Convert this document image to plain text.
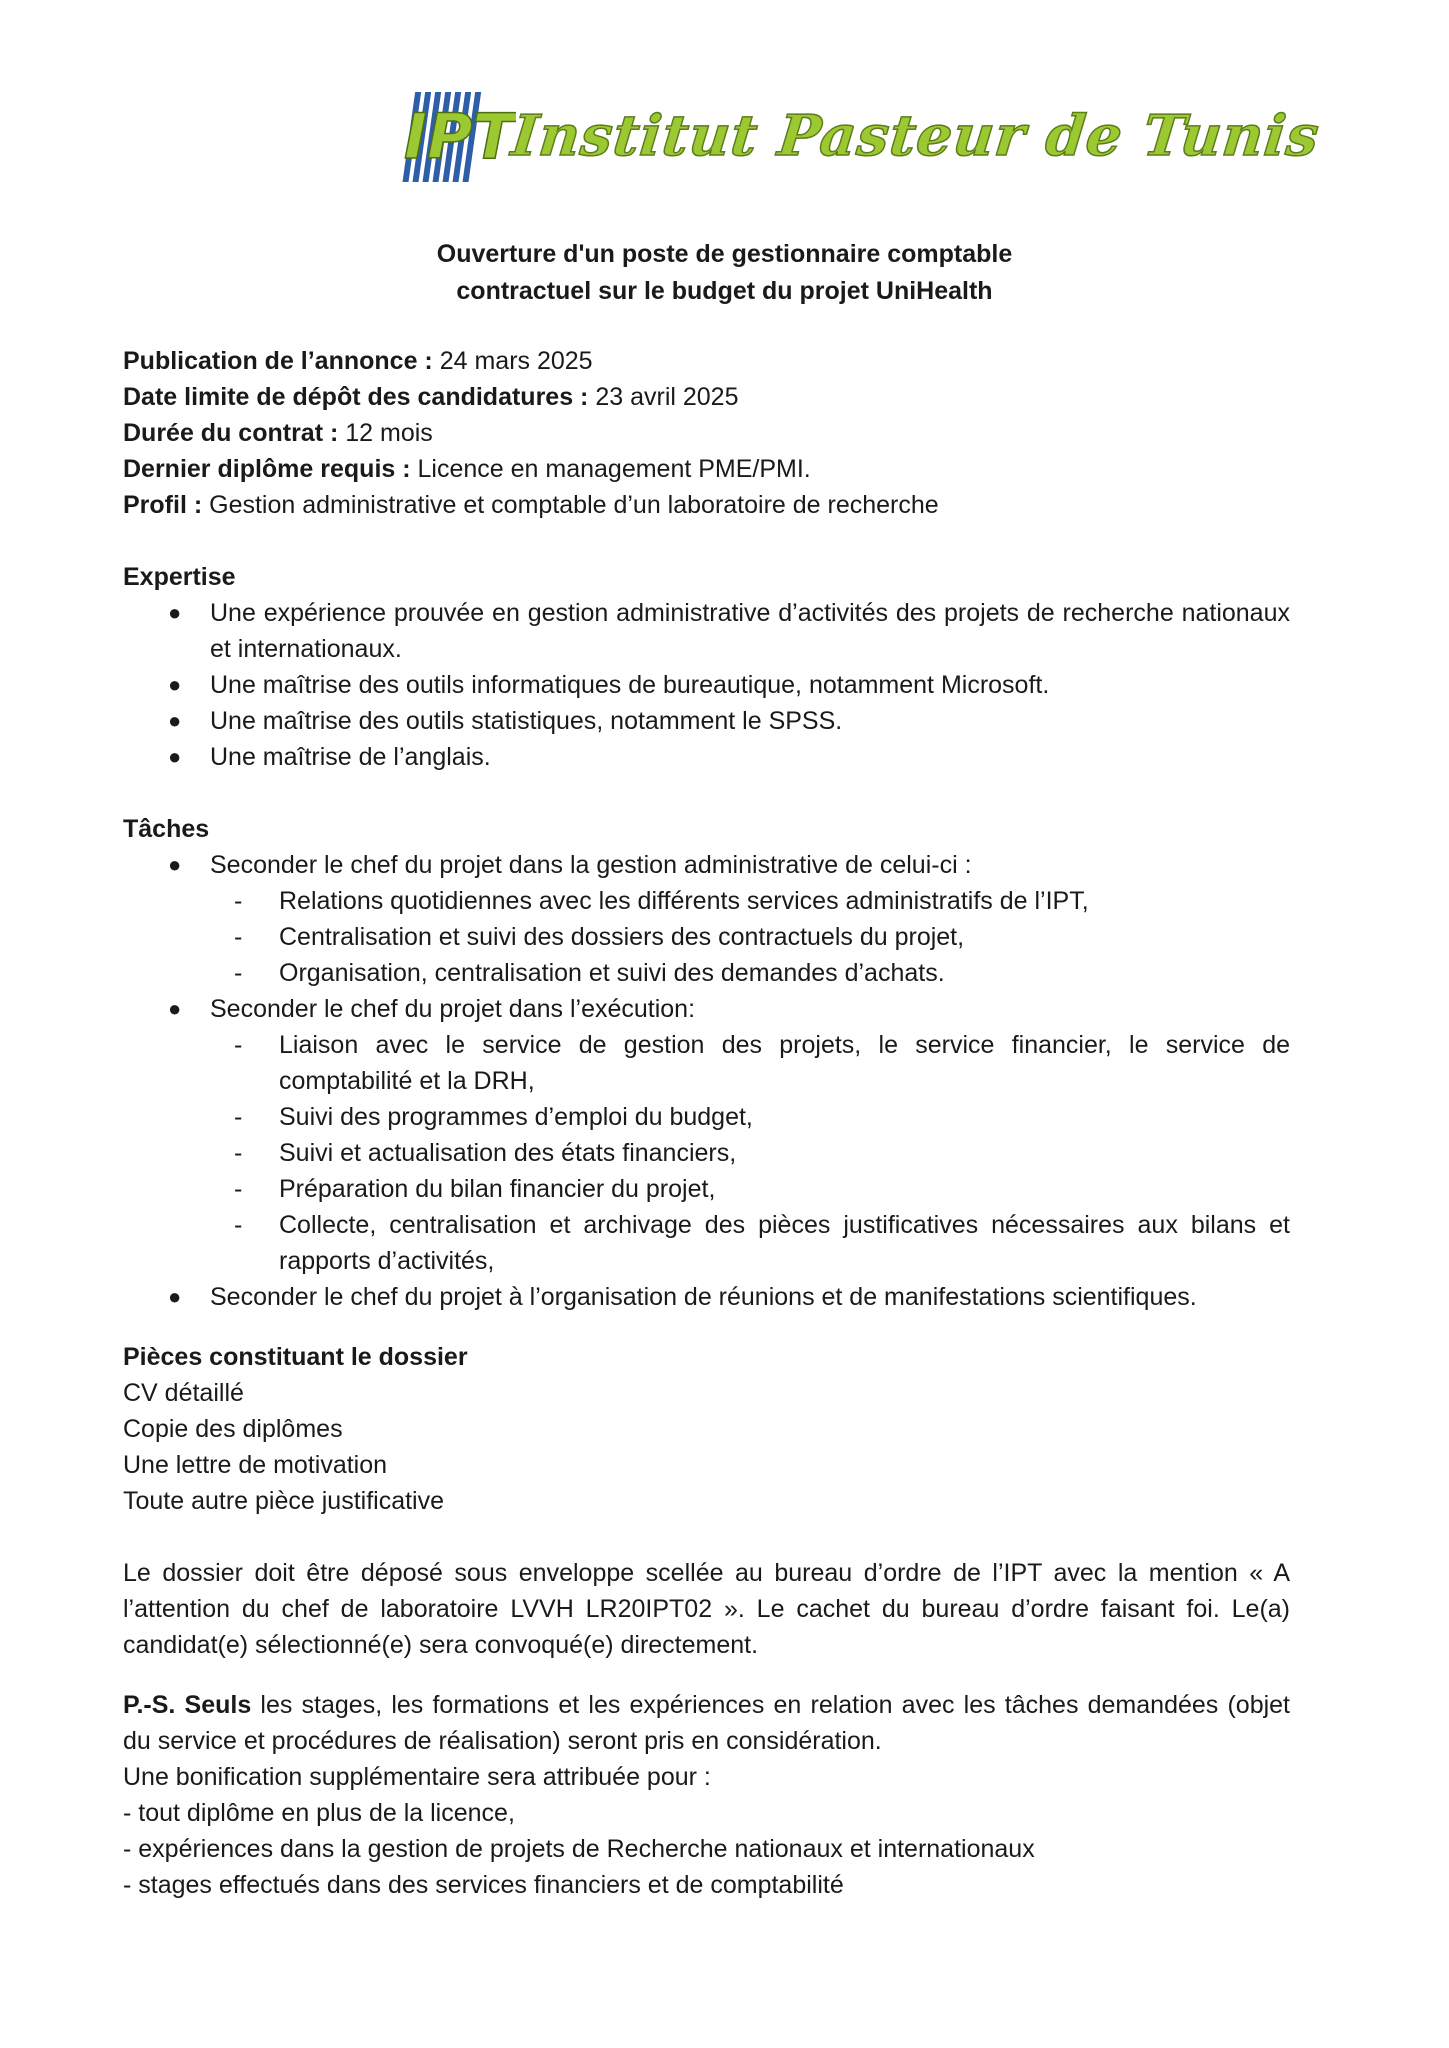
IPT
Institut Pasteur de Tunis
Ouverture d'un poste de gestionnaire comptable
contractuel sur le budget du projet UniHealth
Publication de l’annonce : 24 mars 2025
Date limite de dépôt des candidatures : 23 avril 2025
Durée du contrat : 12 mois
Dernier diplôme requis : Licence en management PME/PMI.
Profil : Gestion administrative et comptable d’un laboratoire de recherche
Expertise
● Une expérience prouvée en gestion administrative d’activités des projets de recherche nationaux et internationaux.
● Une maîtrise des outils informatiques de bureautique, notamment Microsoft.
● Une maîtrise des outils statistiques, notamment le SPSS.
● Une maîtrise de l’anglais.
Tâches
● Seconder le chef du projet dans la gestion administrative de celui-ci :
- Relations quotidiennes avec les différents services administratifs de l’IPT,
- Centralisation et suivi des dossiers des contractuels du projet,
- Organisation, centralisation et suivi des demandes d’achats.
● Seconder le chef du projet dans l’exécution:
- Liaison avec le service de gestion des projets, le service financier, le service de comptabilité et la DRH,
- Suivi des programmes d’emploi du budget,
- Suivi et actualisation des états financiers,
- Préparation du bilan financier du projet,
- Collecte, centralisation et archivage des pièces justificatives nécessaires aux bilans et rapports d’activités,
● Seconder le chef du projet à l’organisation de réunions et de manifestations scientifiques.
Pièces constituant le dossier
CV détaillé
Copie des diplômes
Une lettre de motivation
Toute autre pièce justificative
Le dossier doit être déposé sous enveloppe scellée au bureau d’ordre de l’IPT avec la mention « A l’attention du chef de laboratoire LVVH LR20IPT02 ». Le cachet du bureau d’ordre faisant foi. Le(a) candidat(e) sélectionné(e) sera convoqué(e) directement.
P.-S. Seuls les stages, les formations et les expériences en relation avec les tâches demandées (objet du service et procédures de réalisation) seront pris en considération.
Une bonification supplémentaire sera attribuée pour :
- tout diplôme en plus de la licence,
- expériences dans la gestion de projets de Recherche nationaux et internationaux
- stages effectués dans des services financiers et de comptabilité
